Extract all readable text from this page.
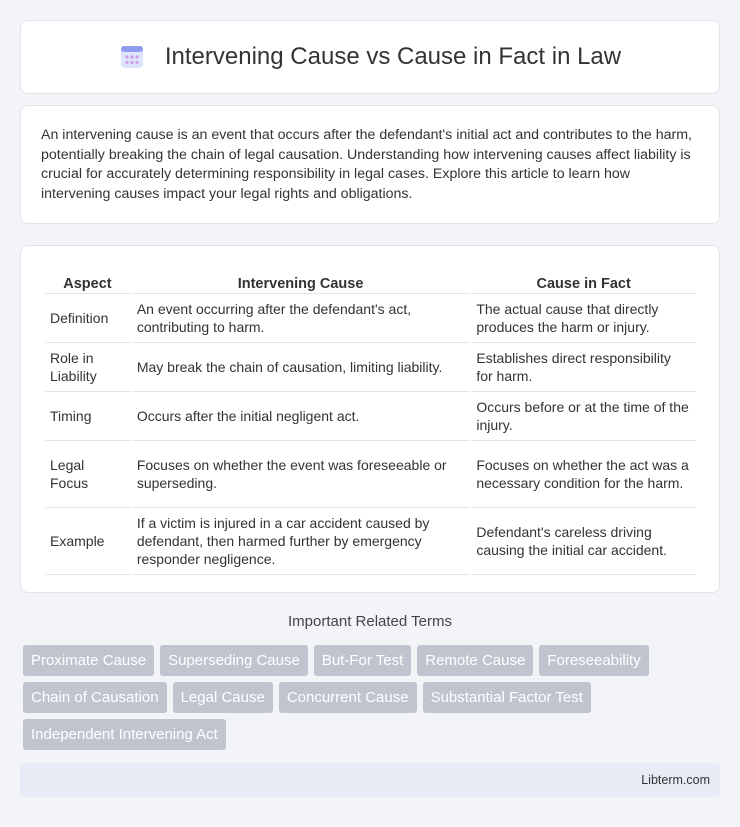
Intervening Cause vs Cause in Fact in Law

An intervening cause is an event that occurs after the defendant's initial act and contributes to the harm, potentially breaking the chain of legal causation. Understanding how intervening causes affect liability is crucial for accurately determining responsibility in legal cases. Explore this article to learn how intervening causes impact your legal rights and obligations.

Aspect	Intervening Cause	Cause in Fact
Definition	An event occurring after the defendant's act, contributing to harm.	The actual cause that directly produces the harm or injury.
Role in Liability	May break the chain of causation, limiting liability.	Establishes direct responsibility for harm.
Timing	Occurs after the initial negligent act.	Occurs before or at the time of the injury.
Legal Focus	Focuses on whether the event was foreseeable or superseding.	Focuses on whether the act was a necessary condition for the harm.
Example	If a victim is injured in a car accident caused by defendant, then harmed further by emergency responder negligence.	Defendant's careless driving causing the initial car accident.
Important Related Terms
Proximate Cause	Superseding Cause	But-For Test	Remote Cause	Foreseeability
Chain of Causation	Legal Cause	Concurrent Cause	Substantial Factor Test
Independent Intervening Act
Libterm.com
